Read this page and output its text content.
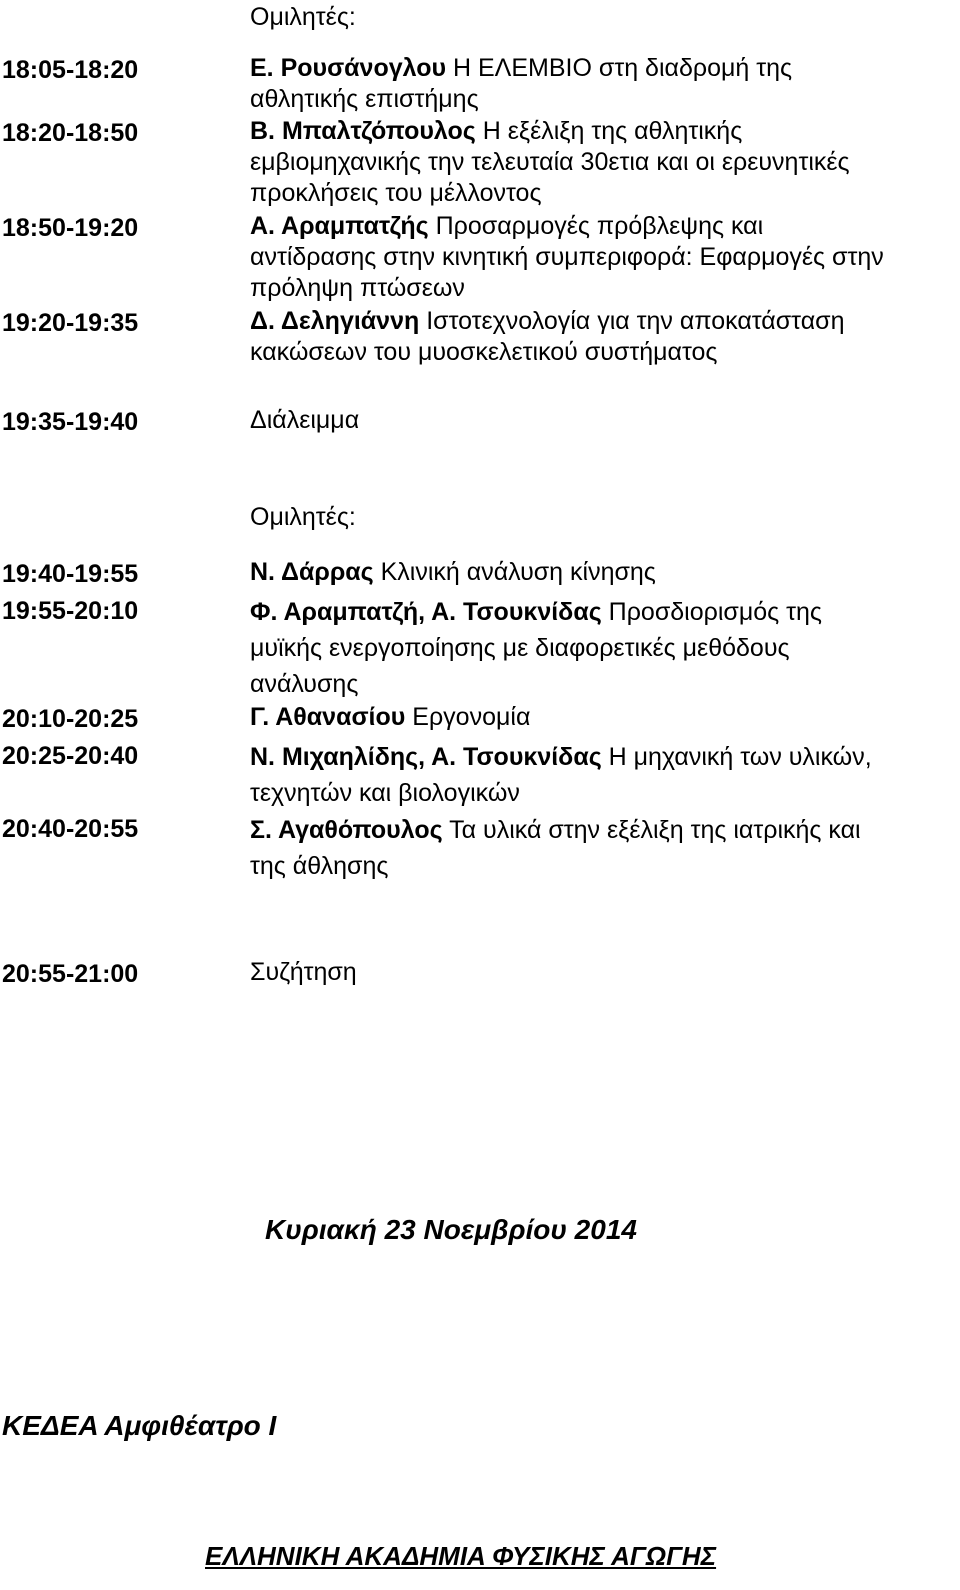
Ομιλητές:
18:05-18:20	Ε. Ρουσάνογλου Η ΕΛΕΜΒΙΟ στη διαδρομή της
αθλητικής επιστήμης
18:20-18:50	Β. Μπαλτζόπουλος Η εξέλιξη της αθλητικής
εμβιομηχανικής την τελευταία 30ετια και οι ερευνητικές
προκλήσεις του μέλλοντος
18:50-19:20	Α. Αραμπατζής Προσαρμογές πρόβλεψης και
αντίδρασης στην κινητική συμπεριφορά: Εφαρμογές στην
πρόληψη πτώσεων
19:20-19:35	Δ. Δεληγιάννη Ιστοτεχνολογία για την αποκατάσταση
κακώσεων του μυοσκελετικού συστήματος
19:35-19:40	Διάλειμμα
Ομιλητές:
19:40-19:55	Ν. Δάρρας Κλινική ανάλυση κίνησης
19:55-20:10	Φ. Αραμπατζή, Α. Τσουκνίδας Προσδιορισμός της
μυϊκής ενεργοποίησης με διαφορετικές μεθόδους
ανάλυσης
20:10-20:25	Γ. Αθανασίου Εργονομία
20:25-20:40	Ν. Μιχαηλίδης, Α. Τσουκνίδας Η μηχανική των υλικών,
τεχνητών και βιολογικών
20:40-20:55	Σ. Αγαθόπουλος Τα υλικά στην εξέλιξη της ιατρικής και
της άθλησης
20:55-21:00	Συζήτηση
Κυριακή 23 Νοεμβρίου 2014
ΚΕΔΕΑ Αμφιθέατρο Ι
ΕΛΛΗΝΙΚΗ ΑΚΑΔΗΜΙΑ ΦΥΣΙΚΗΣ ΑΓΩΓΗΣ
